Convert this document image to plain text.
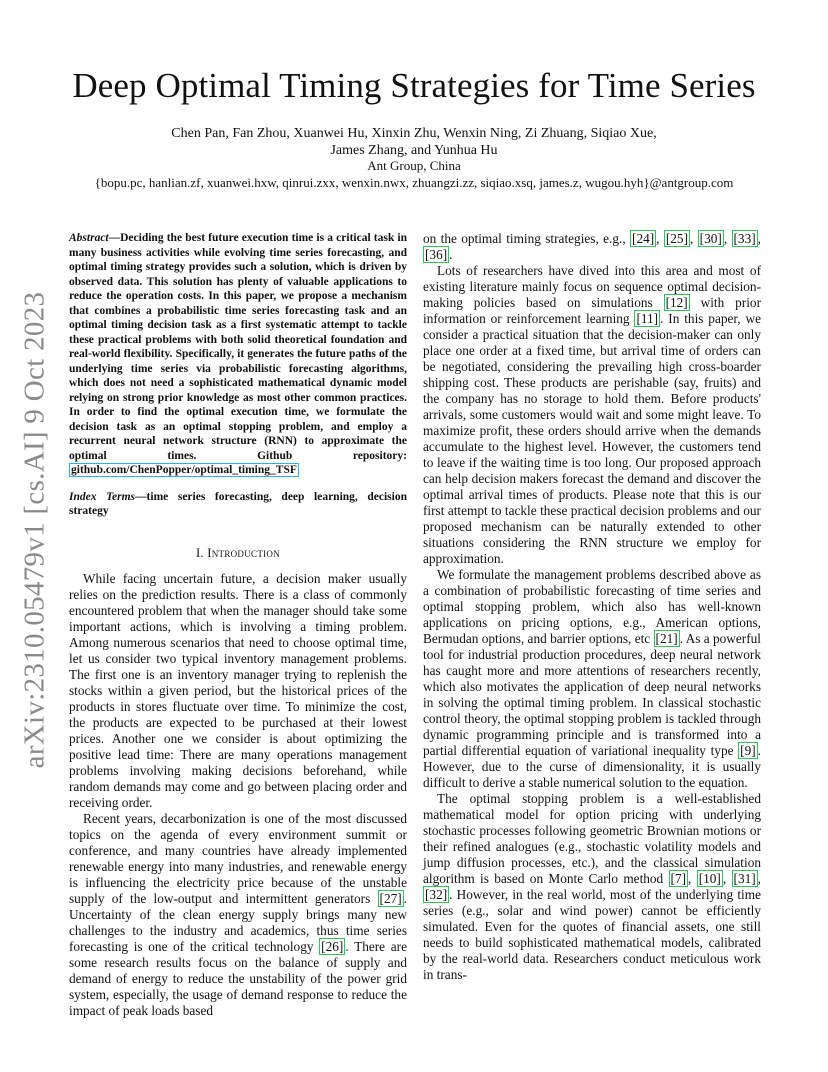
arXiv:2310.05479v1 [cs.AI] 9 Oct 2023
Deep Optimal Timing Strategies for Time Series
Chen Pan, Fan Zhou, Xuanwei Hu, Xinxin Zhu, Wenxin Ning, Zi Zhuang, Siqiao Xue,
James Zhang, and Yunhua Hu
Ant Group, China
{bopu.pc, hanlian.zf, xuanwei.hxw, qinrui.zxx, wenxin.nwx, zhuangzi.zz, siqiao.xsq, james.z, wugou.hyh}@antgroup.com

Abstract—Deciding the best future execution time is a critical task in many business activities while evolving time series forecasting, and optimal timing strategy provides such a solution, which is driven by observed data. This solution has plenty of valuable applications to reduce the operation costs. In this paper, we propose a mechanism that combines a probabilistic time series forecasting task and an optimal timing decision task as a first systematic attempt to tackle these practical problems with both solid theoretical foundation and real-world flexibility. Specifically, it generates the future paths of the underlying time series via probabilistic forecasting algorithms, which does not need a sophisticated mathematical dynamic model relying on strong prior knowledge as most other common practices. In order to find the optimal execution time, we formulate the decision task as an optimal stopping problem, and employ a recurrent neural network structure (RNN) to approximate the optimal times. Github repository: github.com/ChenPopper/optimal_timing_TSF

Index Terms—time series forecasting, deep learning, decision strategy

I. Introduction

While facing uncertain future, a decision maker usually relies on the prediction results. There is a class of commonly encountered problem that when the manager should take some important actions, which is involving a timing problem. Among numerous scenarios that need to choose optimal time, let us consider two typical inventory management problems. The first one is an inventory manager trying to replenish the stocks within a given period, but the historical prices of the products in stores fluctuate over time. To minimize the cost, the products are expected to be purchased at their lowest prices. Another one we consider is about optimizing the positive lead time: There are many operations management problems involving making decisions beforehand, while random demands may come and go between placing order and receiving order.

Recent years, decarbonization is one of the most discussed topics on the agenda of every environment summit or conference, and many countries have already implemented renewable energy into many industries, and renewable energy is influencing the electricity price because of the unstable supply of the low-output and intermittent generators [27] . Uncertainty of the clean energy supply brings many new challenges to the industry and academics, thus time series forecasting is one of the critical technology [26] . There are some research results focus on the balance of supply and demand of energy to reduce the unstability of the power grid system, especially, the usage of demand response to reduce the impact of peak loads based

on the optimal timing strategies, e.g., [24] , [25] , [30] , [33] , [36] .

Lots of researchers have dived into this area and most of existing literature mainly focus on sequence optimal decision-making policies based on simulations [12] with prior information or reinforcement learning [11] . In this paper, we consider a practical situation that the decision-maker can only place one order at a fixed time, but arrival time of orders can be negotiated, considering the prevailing high cross-boarder shipping cost. These products are perishable (say, fruits) and the company has no storage to hold them. Before products' arrivals, some customers would wait and some might leave. To maximize profit, these orders should arrive when the demands accumulate to the highest level. However, the customers tend to leave if the waiting time is too long. Our proposed approach can help decision makers forecast the demand and discover the optimal arrival times of products. Please note that this is our first attempt to tackle these practical decision problems and our proposed mechanism can be naturally extended to other situations considering the RNN structure we employ for approximation.

We formulate the management problems described above as a combination of probabilistic forecasting of time series and optimal stopping problem, which also has well-known applications on pricing options, e.g., American options, Bermudan options, and barrier options, etc [21] . As a powerful tool for industrial production procedures, deep neural network has caught more and more attentions of researchers recently, which also motivates the application of deep neural networks in solving the optimal timing problem. In classical stochastic control theory, the optimal stopping problem is tackled through dynamic programming principle and is transformed into a partial differential equation of variational inequality type [9] . However, due to the curse of dimensionality, it is usually difficult to derive a stable numerical solution to the equation.

The optimal stopping problem is a well-established mathematical model for option pricing with underlying stochastic processes following geometric Brownian motions or their refined analogues (e.g., stochastic volatility models and jump diffusion processes, etc.), and the classical simulation algorithm is based on Monte Carlo method [7] , [10] , [31] , [32] . However, in the real world, most of the underlying time series (e.g., solar and wind power) cannot be efficiently simulated. Even for the quotes of financial assets, one still needs to build sophisticated mathematical models, calibrated by the real-world data. Researchers conduct meticulous work in trans-
